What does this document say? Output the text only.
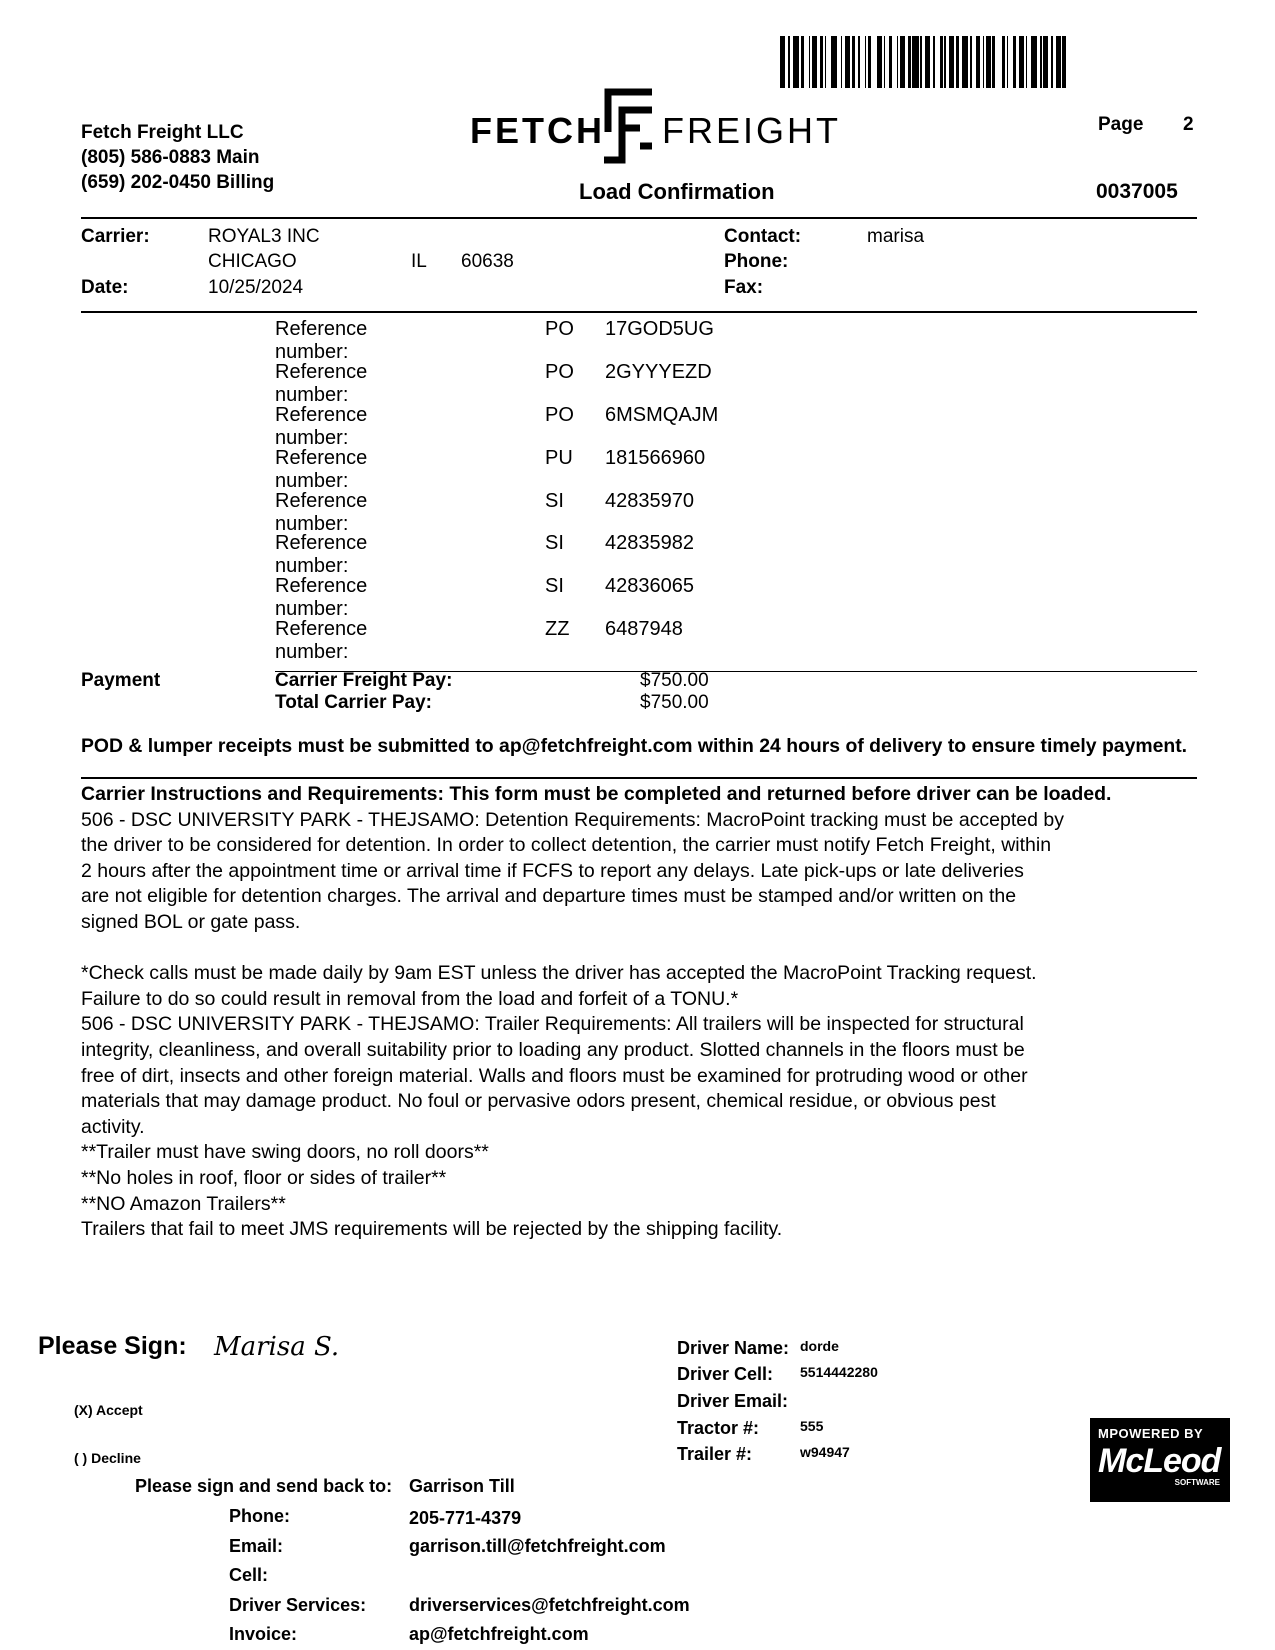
Fetch Freight LLC
(805) 586-0883 Main
(659) 202-0450 Billing
FETCH FREIGHT
Load Confirmation
Page 2
0037005
Carrier:	ROYAL3 INC
CHICAGO	IL 60638
Date:	10/25/2024
Contact:	marisa
Phone:
Fax:
Reference number:
PO 17GOD5UG
Reference number:
PO 2GYYYEZD
Reference number:
PO 6MSMQAJM
Reference number:
PU 181566960
Reference number:
SI 42835970
Reference number:
SI 42835982
Reference number:
SI 42836065
Reference number:
ZZ 6487948
Payment	Carrier Freight Pay:	$750.00
Total Carrier Pay:	$750.00
POD & lumper receipts must be submitted to ap@fetchfreight.com within 24 hours of delivery to ensure timely payment.

Carrier Instructions and Requirements: This form must be completed and returned before driver can be loaded.

506 - DSC UNIVERSITY PARK - THEJSAMO: Detention Requirements: MacroPoint tracking must be accepted by

the driver to be considered for detention. In order to collect detention, the carrier must notify Fetch Freight, within

2 hours after the appointment time or arrival time if FCFS to report any delays. Late pick-ups or late deliveries

are not eligible for detention charges. The arrival and departure times must be stamped and/or written on the

signed BOL or gate pass.

*Check calls must be made daily by 9am EST unless the driver has accepted the MacroPoint Tracking request.

Failure to do so could result in removal from the load and forfeit of a TONU.*

506 - DSC UNIVERSITY PARK - THEJSAMO: Trailer Requirements: All trailers will be inspected for structural

integrity, cleanliness, and overall suitability prior to loading any product. Slotted channels in the floors must be

free of dirt, insects and other foreign material. Walls and floors must be examined for protruding wood or other

materials that may damage product. No foul or pervasive odors present, chemical residue, or obvious pest

activity.

**Trailer must have swing doors, no roll doors**

**No holes in roof, floor or sides of trailer**

**NO Amazon Trailers**

Trailers that fail to meet JMS requirements will be rejected by the shipping facility.

Please Sign: Marisa S.
(X) Accept
( ) Decline
Please sign and send back to: Garrison Till
Driver Name: dorde
Driver Cell: 5514442280
Driver Email:
Tractor #:	555
Trailer #:	w94947
MPOWERED BY
McLeod
SOFTWARE
Phone:	205-771-4379
Email:	garrison.till@fetchfreight.com
Cell:
Driver Services: driverservices@fetchfreight.com
Invoice:	ap@fetchfreight.com
